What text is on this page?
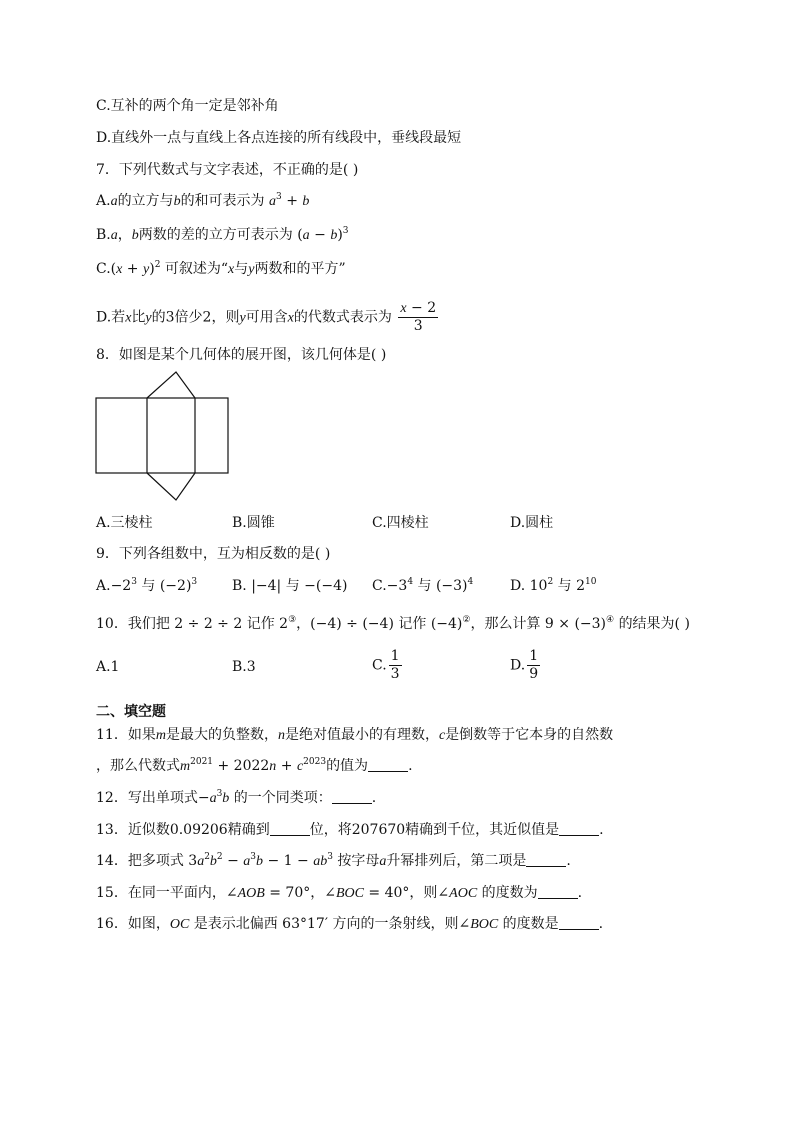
C.互补的两个角一定是邻补角
D.直线外一点与直线上各点连接的所有线段中，垂线段最短
7．下列代数式与文字表述，不正确的是( )
A.a的立方与b的和可表示为 $a^3 + b$
B.a，b两数的差的立方可表示为 $(a - b)^3$
$C.(x + y)^2$ 可叙述为“x与y两数和的平方”
D.若x比y的3倍少2，则y可用含x的代数式表示为 $\frac{x - 2}{3}$
8．如图是某个几何体的展开图，该几何体是( )
A.三棱柱	B.圆锥	C.四棱柱	D.圆柱
9．下列各组数中，互为相反数的是( )
$A.-2^3$ 与 $(-2)^3$ B. |−4| 与 −(−4) $C.-3^4$ 与 $(-3)^4$	D. $10^2$ 与 $2^{10}$
10．我们把 2 ÷ 2 ÷ 2 记作 2③，(−4) ÷ (−4) 记作 (−4)②，那么计算 9 × (−3)④ 的结果为( )
A.1	B.3	C. $\frac{1}{3}$	D. $\frac{1}{9}$
二、填空题
11．如果m是最大的负整数，n是绝对值最小的有理数，c是倒数等于它本身的自然数
，那么代数式$m^{2021} + 2022n + c^{2023}$的值为	.
12．写出单项式$-a^3b$ 的一个同类项：	.
13．近似数0.09206精确到	位，将207670精确到千位，其近似值是	.
14．把多项式 $3a^2b^2 - a^3b - 1 - ab^3$ 按字母a升幂排列后，第二项是	.
15．在同一平面内，∠AOB = 70°，∠BOC = 40°，则∠AOC 的度数为	.
16．如图，OC 是表示北偏西 63°17′ 方向的一条射线，则∠BOC 的度数是	.
